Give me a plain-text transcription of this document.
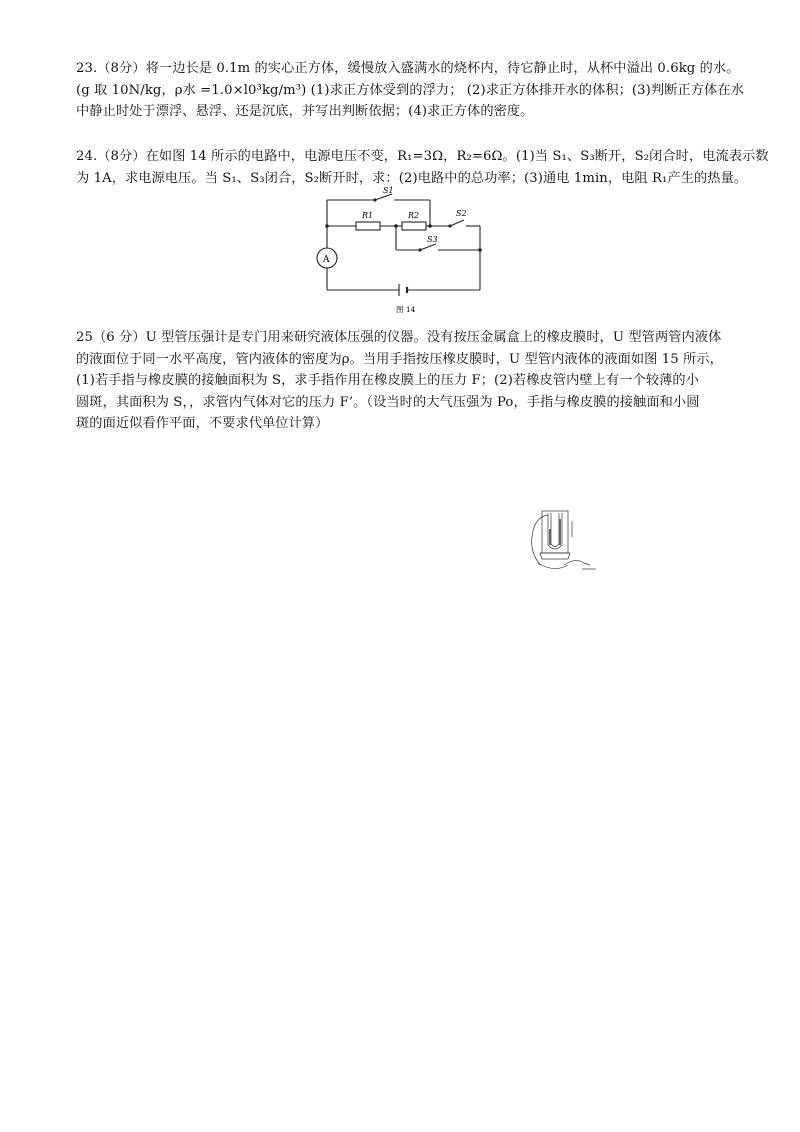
23.（8分）将一边长是 0.1m 的实心正方体，缓慢放入盛满水的烧杯内，待它静止时，从杯中溢出 0.6kg 的水。

(g 取 10N/kg，ρ水 =1.0×l0³kg/m³) (1)求正方体受到的浮力； (2)求正方体排开水的体积；(3)判断正方体在水

中静止时处于漂浮、悬浮、还是沉底，并写出判断依据；(4)求正方体的密度。

24.（8分）在如图 14 所示的电路中，电源电压不变，R₁=3Ω，R₂=6Ω。(1)当 S₁、S₃断开，S₂闭合时，电流表示数

为 1A，求电源电压。当 S₁、S₃闭合，S₂断开时，求：(2)电路中的总功率；(3)通电 1min，电阻 R₁产生的热量。

S1
R1	R2	S2
S3
A
图 14

25（6 分）U 型管压强计是专门用来研究液体压强的仪器。没有按压金属盒上的橡皮膜时，U 型管两管内液体

的液面位于同一水平高度，管内液体的密度为ρ。当用手指按压橡皮膜时，U 型管内液体的液面如图 15 所示，

(1)若手指与橡皮膜的接触面积为 S，求手指作用在橡皮膜上的压力 F；(2)若橡皮管内壁上有一个较薄的小

圆斑，其面积为 S，，求管内气体对它的压力 F’。（设当时的大气压强为 Po，手指与橡皮膜的接触面和小圆

斑的面近似看作平面，不要求代单位计算）
